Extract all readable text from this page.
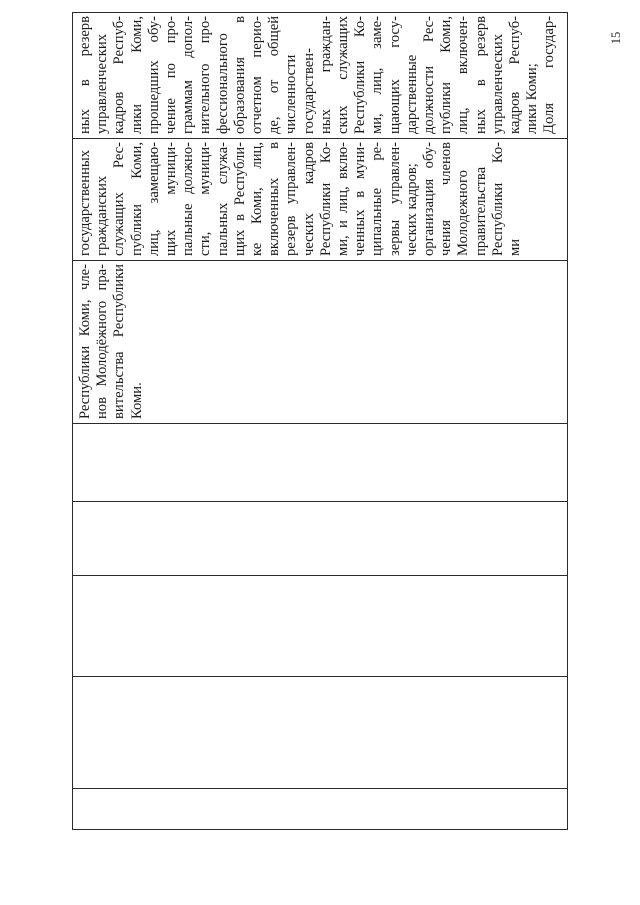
15
Республики Коми, чле- нов Молодёжного пра- вительства Республики Коми.
государственных гражданских служащих Рес- публики Коми, лиц, замещаю- щих муници- пальные должно- сти, муници- пальных служа- щих в Республи- ке Коми, лиц, включенных в резерв управлен- ческих кадров Республики Ко- ми, и лиц, вклю- ченных в муни- ципальные ре- зервы управлен- ческих кадров; организация обу- чения членов Молодежного правительства Республики Ко- ми
ных в резерв управленческих кадров Респуб- лики Коми, прошедших обу- чение по про- граммам допол- нительного про- фессионального образования в отчетном перио- де, от общей численности государствен- ных граждан- ских служащих Республики Ко- ми, лиц, заме- щающих госу- дарственные должности Рес- публики Коми, лиц, включен- ных в резерв управленческих кадров Респуб- лики Коми; Доля государ-
